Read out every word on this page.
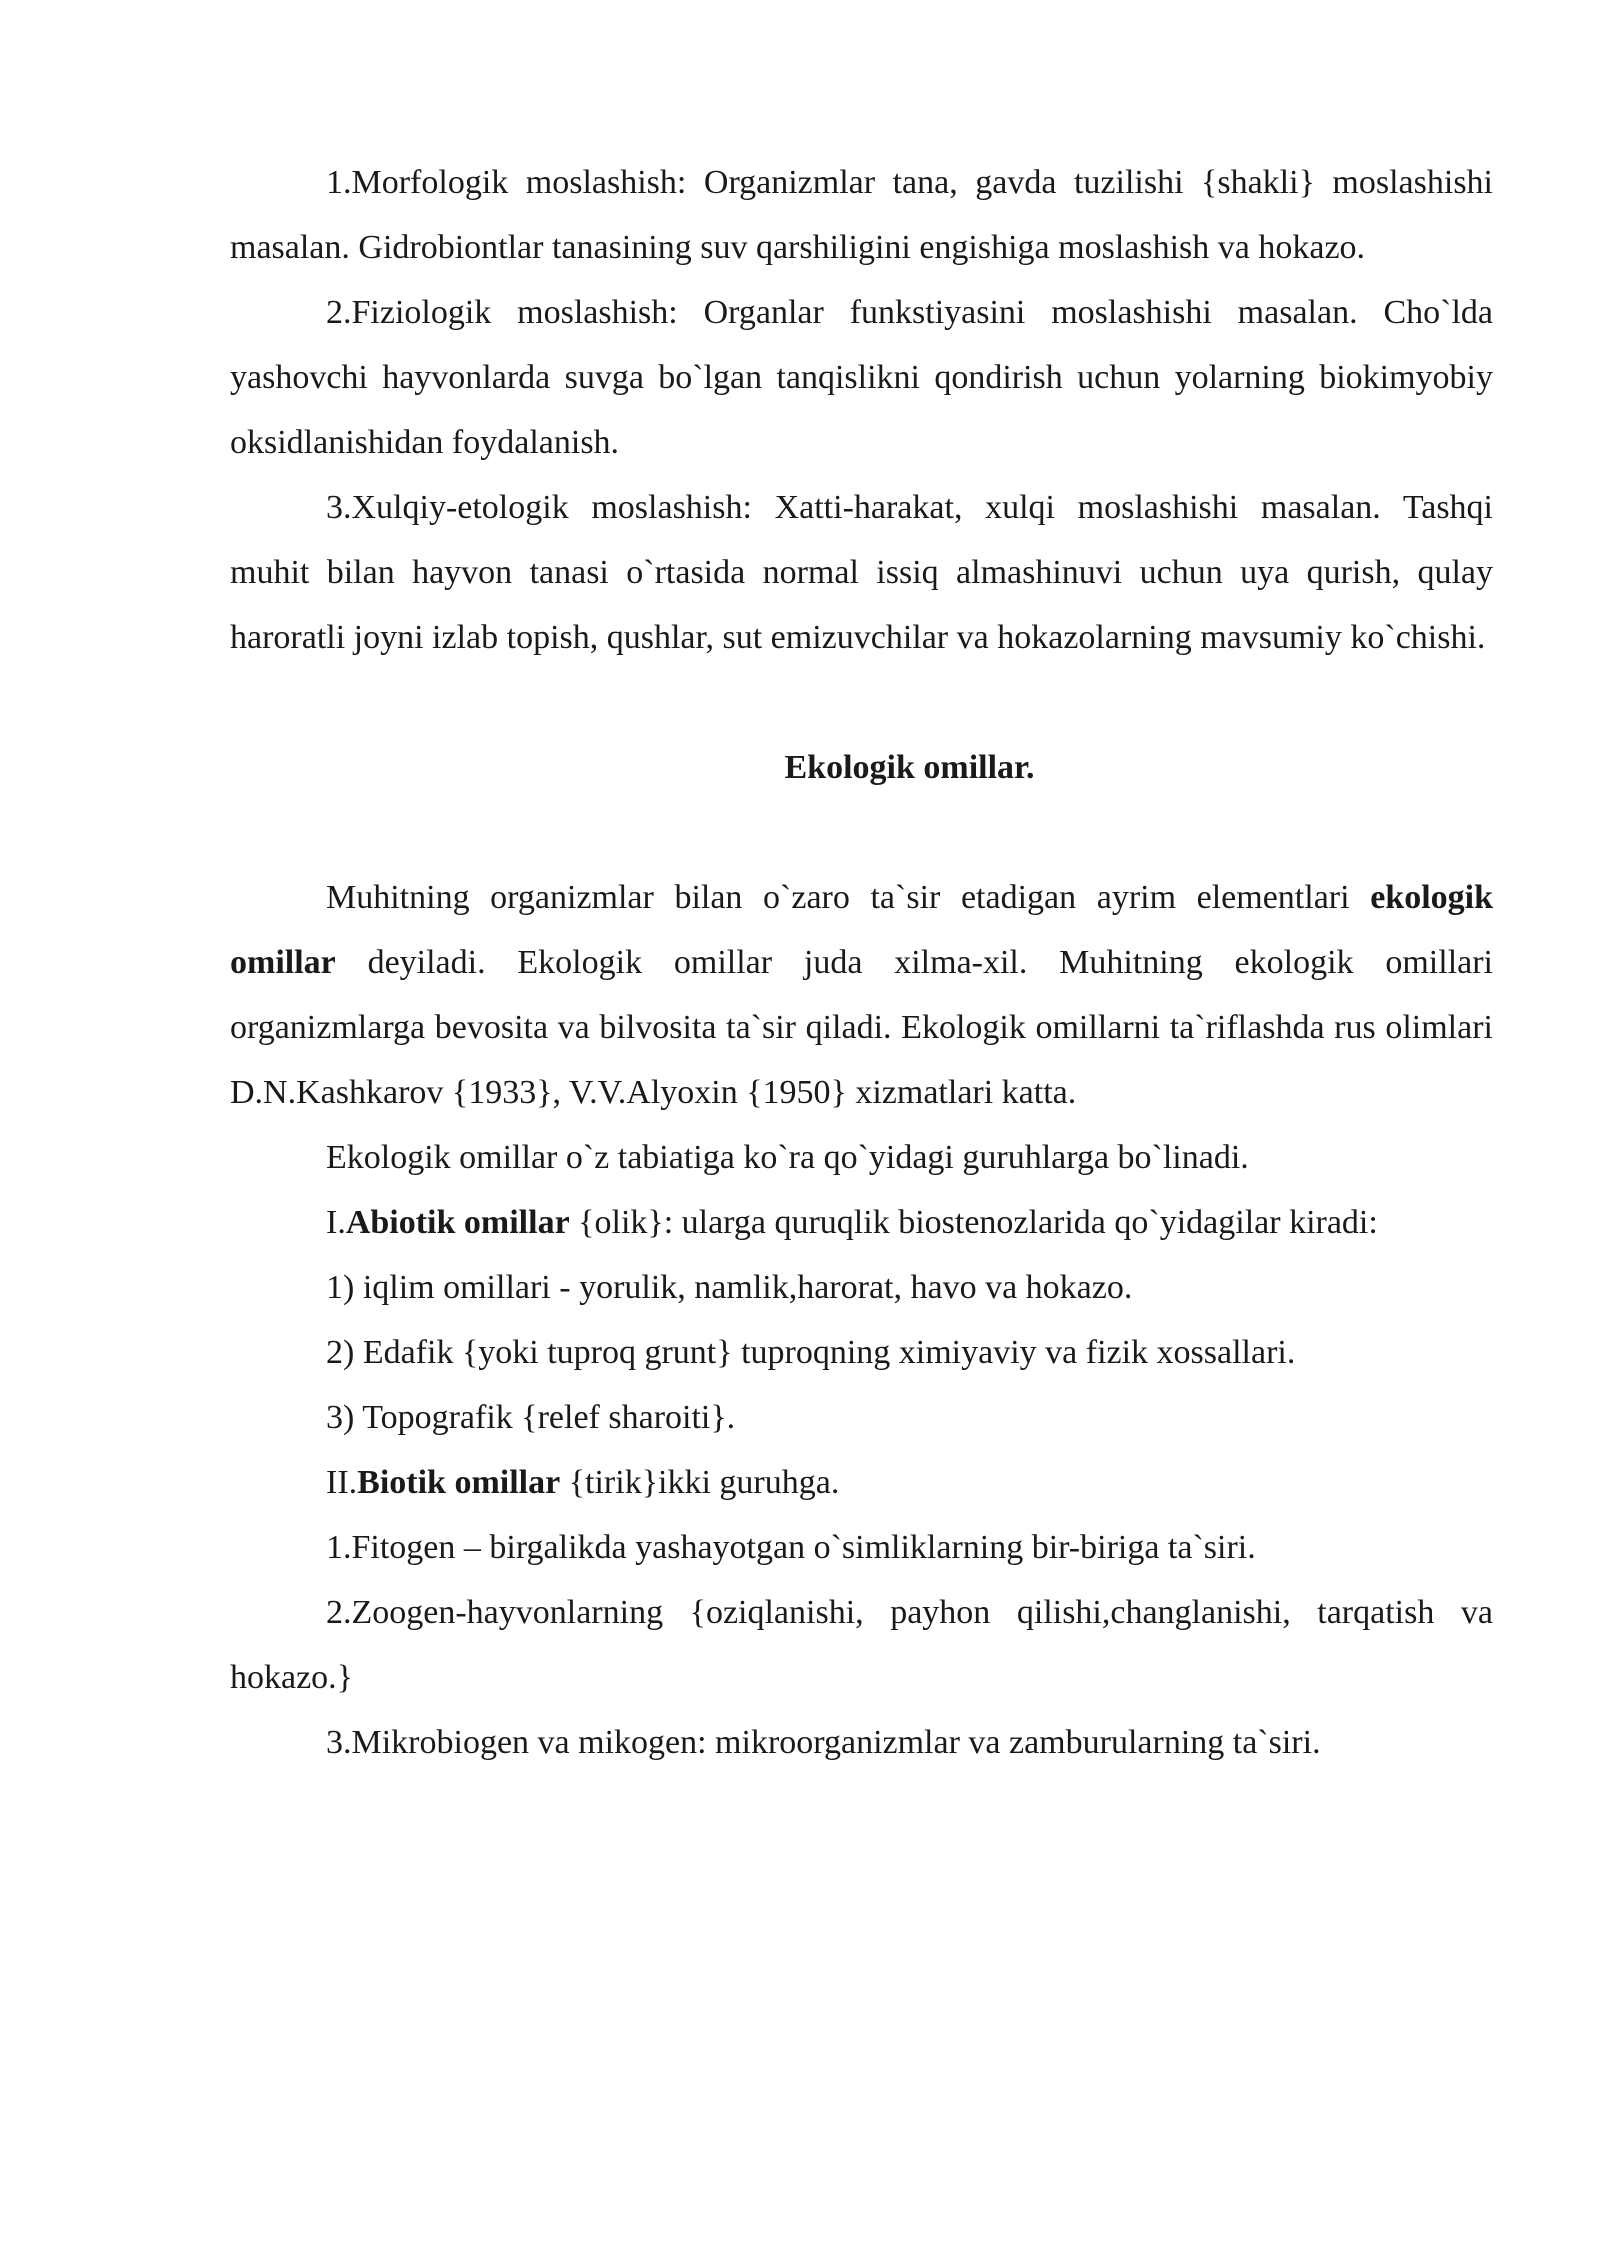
1.Morfologik moslashish: Organizmlar tana, gavda tuzilishi {shakli} moslashishi masalan. Gidrobiontlar tanasining suv qarshiligini engishiga moslashish va hokazo.

2.Fiziologik moslashish: Organlar funkstiyasini moslashishi masalan. Cho`lda yashovchi hayvonlarda suvga bo`lgan tanqislikni qondirish uchun yolarning biokimyobiy oksidlanishidan foydalanish.

3.Xulqiy-etologik moslashish: Xatti-harakat, xulqi moslashishi masalan. Tashqi muhit bilan hayvon tanasi o`rtasida normal issiq almashinuvi uchun uya qurish, qulay haroratli joyni izlab topish, qushlar, sut emizuvchilar va hokazolarning mavsumiy ko`chishi.

Ekologik omillar.

Muhitning organizmlar bilan o`zaro ta`sir etadigan ayrim elementlari ekologik omillar deyiladi. Ekologik omillar juda xilma-xil. Muhitning ekologik omillari organizmlarga bevosita va bilvosita ta`sir qiladi. Ekologik omillarni ta`riflashda rus olimlari D.N.Kashkarov {1933}, V.V.Alyoxin {1950} xizmatlari katta.

Ekologik omillar o`z tabiatiga ko`ra qo`yidagi guruhlarga bo`linadi.

I.Abiotik omillar {olik}: ularga quruqlik biostenozlarida qo`yidagilar kiradi:

1) iqlim omillari - yorulik, namlik,harorat, havo va hokazo.

2) Edafik {yoki tuproq grunt} tuproqning ximiyaviy va fizik xossallari.

3) Topografik {relef sharoiti}.

II.Biotik omillar {tirik}ikki guruhga.

1.Fitogen – birgalikda yashayotgan o`simliklarning bir-biriga ta`siri.

2.Zoogen-hayvonlarning {oziqlanishi, payhon qilishi,changlanishi, tarqatish va hokazo.}

3.Mikrobiogen va mikogen: mikroorganizmlar va zamburularning ta`siri.
